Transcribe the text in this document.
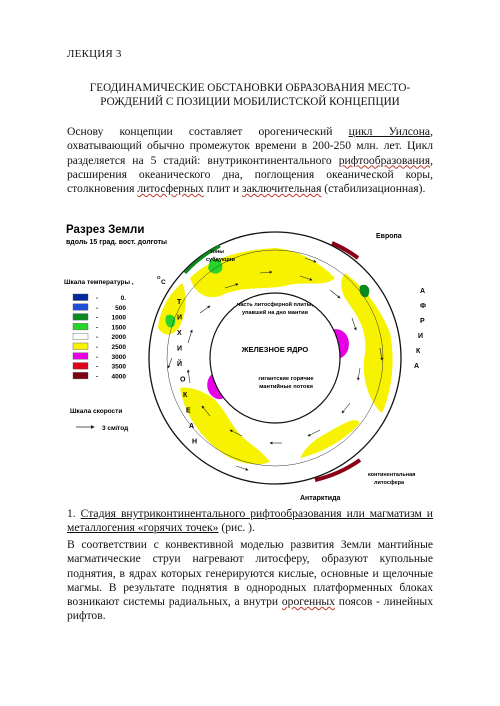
ЛЕКЦИЯ 3
ГЕОДИНАМИЧЕСКИЕ ОБСТАНОВКИ ОБРАЗОВАНИЯ МЕСТО-
РОЖДЕНИЙ С ПОЗИЦИИ МОБИЛИСТСКОЙ КОНЦЕПЦИИ
Основу концепции составляет орогенический цикл Уилсона, охватывающий обычно промежуток времени в 200-250 млн. лет. Цикл разделяется на 5 стадий: внутриконтинентального рифтообразования, расширения океанического дна, поглощения океанической коры, столкновения литосферных плит и заключительная (стабилизационная).
Разрез Земли
вдоль 15 град. вост. долготы
часть литосферной плиты,
упавшей на дно мантии
ЖЕЛЕЗНОЕ ЯДРО
гигантские горячие
мантийные потоки
зоны
субдукции
Европа
Антарктида
континентальная
литосфера
ТИХИЙОКЕАН
АФРИКА
Шкала температуры ,
O
C
-	0.
-	500
- 1000
- 1500
- 2000
- 2500
- 3000
- 3500
- 4000
Шкала скорости
3 см/год
1. Стадия внутриконтинентального рифтообразования или магматизм и металлогения «горячих точек» (рис. ).
В соответствии с конвективной моделью развития Земли мантийные магматические струи нагревают литосферу, образуют купольные поднятия, в ядрах которых генерируются кислые, основные и щелочные магмы. В результате поднятия в однородных платформенных блоках возникают системы радиальных, а внутри орогенных поясов - линейных рифтов.
